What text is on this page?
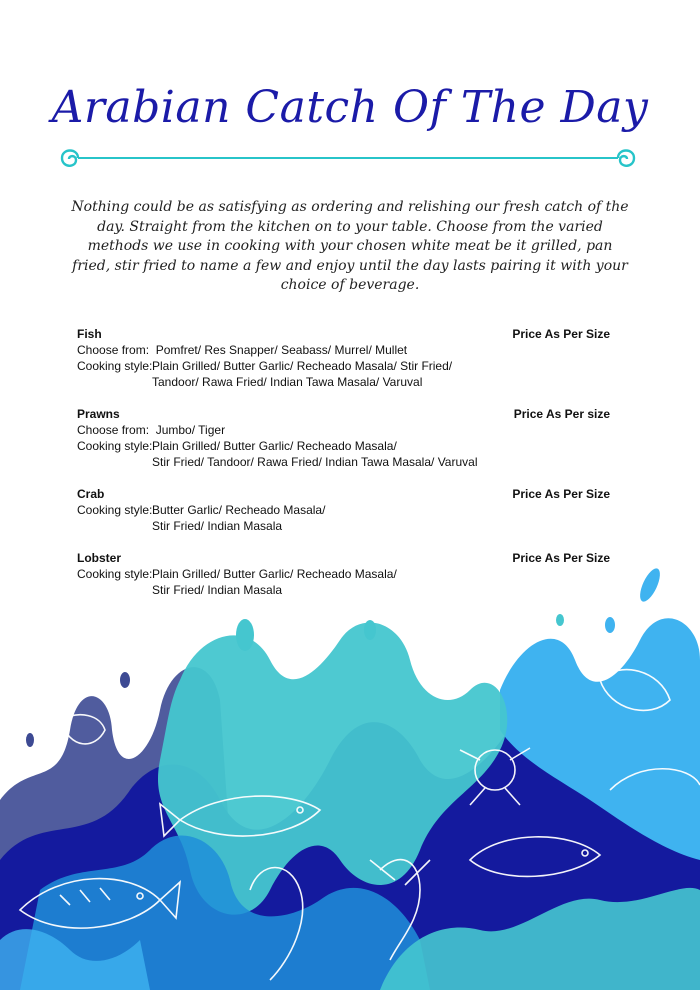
Arabian Catch Of The Day

Nothing could be as satisfying as ordering and relishing our fresh catch of the day. Straight from the kitchen on to your table. Choose from the varied methods we use in cooking with your chosen white meat be it grilled, pan fried, stir fried to name a few and enjoy until the day lasts pairing it with your choice of beverage.

Fish	Price As Per Size
Choose from: Pomfret/ Res Snapper/ Seabass/ Murrel/ Mullet
Cooking style:
Plain Grilled/ Butter Garlic/ Recheado Masala/ Stir Fried/
Tandoor/ Rawa Fried/ Indian Tawa Masala/ Varuval
Prawns	Price As Per size
Choose from: Jumbo/ Tiger
Cooking style:
Plain Grilled/ Butter Garlic/ Recheado Masala/
Stir Fried/ Tandoor/ Rawa Fried/ Indian Tawa Masala/ Varuval
Crab	Price As Per Size
Cooking style:
Butter Garlic/ Recheado Masala/
Stir Fried/ Indian Masala
Lobster	Price As Per Size
Cooking style:
Plain Grilled/ Butter Garlic/ Recheado Masala/
Stir Fried/ Indian Masala
